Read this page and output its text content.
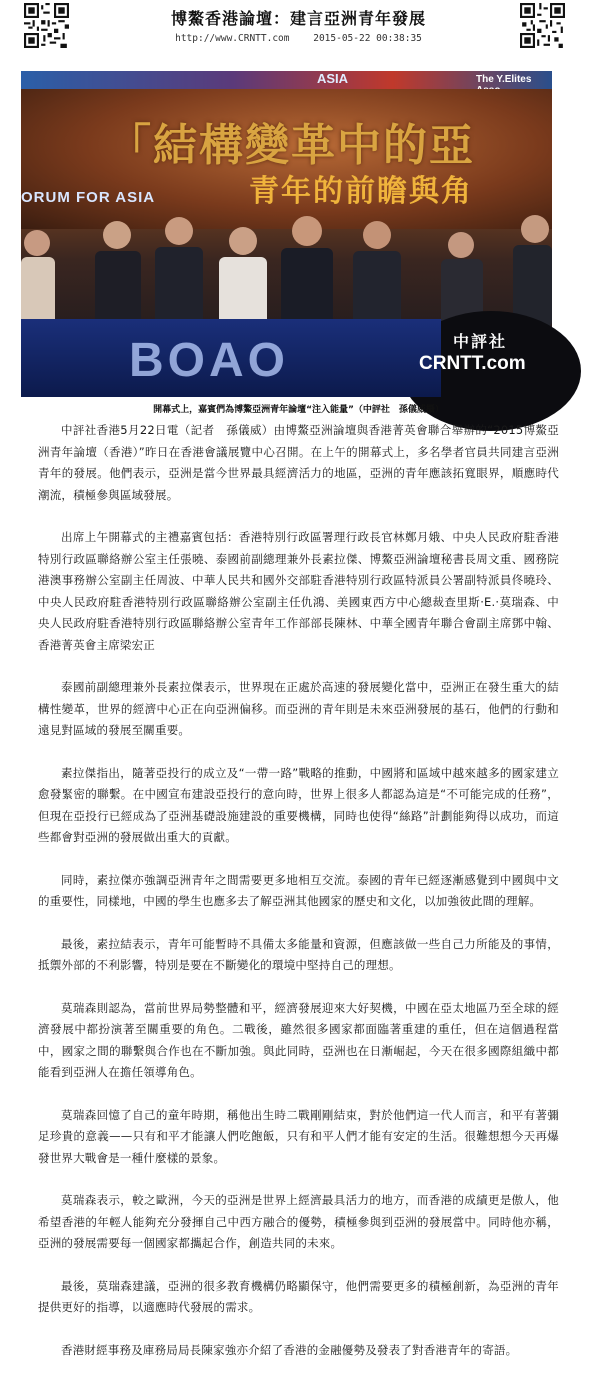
博鰲香港論壇：建言亞洲青年發展
http://www.CRNTT.com 2015-05-22 00:38:35
ASIA	The Y.Elites
「結構變革中的亞
青年的前瞻與角
ORUM FOR ASIA
BOAO	中評社
CRNTT.com
開幕式上，嘉賓們為博鰲亞洲青年論壇“注入能量”（中評社　孫儀威攝）

中評社香港5月22日電（記者　孫儀威）由博鰲亞洲論壇與香港菁英會聯合舉辦的“2015博鰲亞洲青年論壇（香港）”昨日在香港會議展覽中心召開。在上午的開幕式上，多名學者官員共同建言亞洲青年的發展。他們表示，亞洲是當今世界最具經濟活力的地區，亞洲的青年應該拓寬眼界，順應時代潮流，積極參與區域發展。

出席上午開幕式的主禮嘉賓包括：香港特別行政區署理行政長官林鄭月娥、中央人民政府駐香港特別行政區聯絡辦公室主任張曉、泰國前副總理兼外長素拉傑、博鰲亞洲論壇秘書長周文重、國務院港澳事務辦公室副主任周波、中華人民共和國外交部駐香港特別行政區特派員公署副特派員佟曉玲、中央人民政府駐香港特別行政區聯絡辦公室副主任仇鴻、美國東西方中心總裁查里斯·E.·莫瑞森、中央人民政府駐香港特別行政區聯絡辦公室青年工作部部長陳林、中華全國青年聯合會副主席鄧中翰、香港菁英會主席梁宏正

泰國前副總理兼外長素拉傑表示，世界現在正處於高速的發展變化當中，亞洲正在發生重大的結構性變革，世界的經濟中心正在向亞洲偏移。而亞洲的青年則是未來亞洲發展的基石，他們的行動和遠見對區域的發展至關重要。

素拉傑指出，隨著亞投行的成立及“一帶一路”戰略的推動，中國將和區域中越來越多的國家建立愈發緊密的聯繫。在中國宣布建設亞投行的意向時，世界上很多人都認為這是“不可能完成的任務”，但現在亞投行已經成為了亞洲基礎設施建設的重要機構，同時也使得“絲路”計劃能夠得以成功，而這些都會對亞洲的發展做出重大的貢獻。

同時，素拉傑亦強調亞洲青年之間需要更多地相互交流。泰國的青年已經逐漸感覺到中國與中文的重要性，同樣地，中國的學生也應多去了解亞洲其他國家的歷史和文化，以加強彼此間的理解。

最後，素拉結表示，青年可能暫時不具備太多能量和資源，但應該做一些自己力所能及的事情，抵禦外部的不利影響，特別是要在不斷變化的環境中堅持自己的理想。

莫瑞森則認為，當前世界局勢整體和平，經濟發展迎來大好契機，中國在亞太地區乃至全球的經濟發展中都扮演著至關重要的角色。二戰後，雖然很多國家都面臨著重建的重任，但在這個過程當中，國家之間的聯繫與合作也在不斷加強。與此同時，亞洲也在日漸崛起，今天在很多國際組織中都能看到亞洲人在擔任領導角色。

莫瑞森回憶了自己的童年時期，稱他出生時二戰剛剛結束，對於他們這一代人而言，和平有著彌足珍貴的意義——只有和平才能讓人們吃飽飯，只有和平人們才能有安定的生活。很難想想今天再爆發世界大戰會是一種什麼樣的景象。

莫瑞森表示，較之歐洲，今天的亞洲是世界上經濟最具活力的地方，而香港的成績更是傲人，他希望香港的年輕人能夠充分發揮自己中西方融合的優勢，積極參與到亞洲的發展當中。同時他亦稱，亞洲的發展需要每一個國家都攜起合作，創造共同的未來。

最後，莫瑞森建議，亞洲的很多教育機構仍略顯保守，他們需要更多的積極創新，為亞洲的青年提供更好的指導，以適應時代發展的需求。

香港財經事務及庫務局局長陳家強亦介紹了香港的金融優勢及發表了對香港青年的寄語。
